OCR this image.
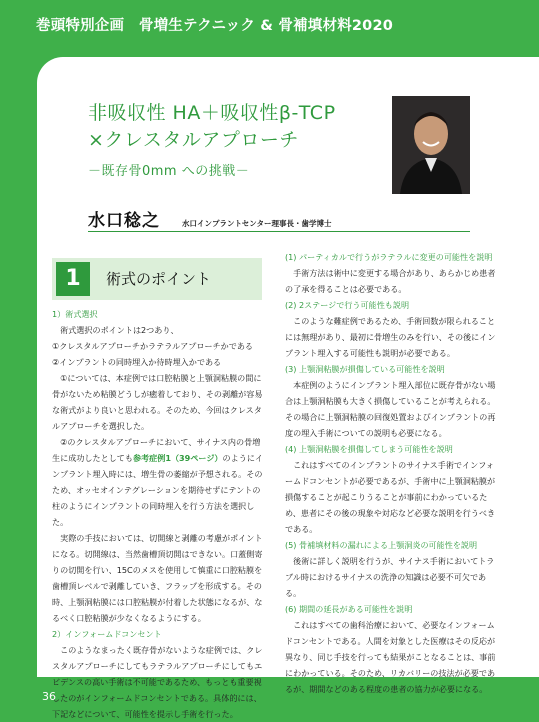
巻頭特別企画　骨増生テクニック & 骨補填材料2020
非吸収性 HA＋吸収性β-TCP
×クレスタルアプローチ
－既存骨0mm への挑戦－
水口稔之	水口インプラントセンター理事長・歯学博士
1	術式のポイント

1）術式選択

術式選択のポイントは2つあり、

①クレスタルアプローチかラテラルアプローチかである

②インプラントの同時埋入か待時埋入かである

①については、本症例では口腔粘膜と上顎洞粘膜の間に骨がないため粘膜どうしが癒着しており、その剥離が容易な術式がより良いと思われる。そのため、今回はクレスタルアプローチを選択した。

②のクレスタルアプローチにおいて、サイナス内の骨増生に成功したとしても参考症例1（39ページ）のようにインプラント埋入時には、増生骨の萎縮が予想される。そのため、オッセオインテグレーションを期待せずにテントの柱のようにインプラントの同時埋入を行う方法を選択した。

実際の手技においては、切開線と剥離の考慮がポイントになる。切開線は、当然歯槽頂切開はできない。口蓋側寄りの切開を行い、15Cのメスを使用して慎重に口腔粘膜を歯槽頂レベルで剥離していき、フラップを形成する。その時、上顎洞粘膜には口腔粘膜が付着した状態になるが、なるべく口腔粘膜が少なくなるようにする。

2）インフォームドコンセント

このようなまったく既存骨がないような症例では、クレスタルアプローチにしてもラテラルアプローチにしてもエビデンスの高い手術は不可能であるため、もっとも重要視したのがインフォームドコンセントである。具体的には、下記などについて、可能性を提示し手術を行った。

(1) パーティカルで行うがラテラルに変更の可能性を説明

手術方法は術中に変更する場合があり、あらかじめ患者の了承を得ることは必要である。

(2) 2ステージで行う可能性も説明

このような難症例であるため、手術回数が限られることには無理があり、最初に骨増生のみを行い、その後にインプラント埋入する可能性も説明が必要である。

(3) 上顎洞粘膜が損傷している可能性を説明

本症例のようにインプラント埋入部位に既存骨がない場合は上顎洞粘膜も大きく損傷していることが考えられる。その場合に上顎洞粘膜の回復処置およびインプラントの再度の埋入手術についての説明も必要になる。

(4) 上顎洞粘膜を損傷してしまう可能性を説明

これはすべてのインプラントのサイナス手術でインフォームドコンセントが必要であるが、手術中に上顎洞粘膜が損傷することが起こりうることが事前にわかっているため、患者にその後の現象や対応など必要な説明を行うべきである。

(5) 骨補填材料の漏れによる上顎洞炎の可能性を説明

後術に詳しく説明を行うが、サイナス手術においてトラブル時におけるサイナスの洗浄の知識は必要不可欠である。

(6) 期間の延長がある可能性を説明

これはすべての歯科治療において、必要なインフォームドコンセントである。人間を対象とした医療はその反応が異なり、同じ手技を行っても結果がことなることは、事前にわかっている。そのため、リカバリーの技法が必要であるが、期間などのある程度の患者の協力が必要になる。

36
